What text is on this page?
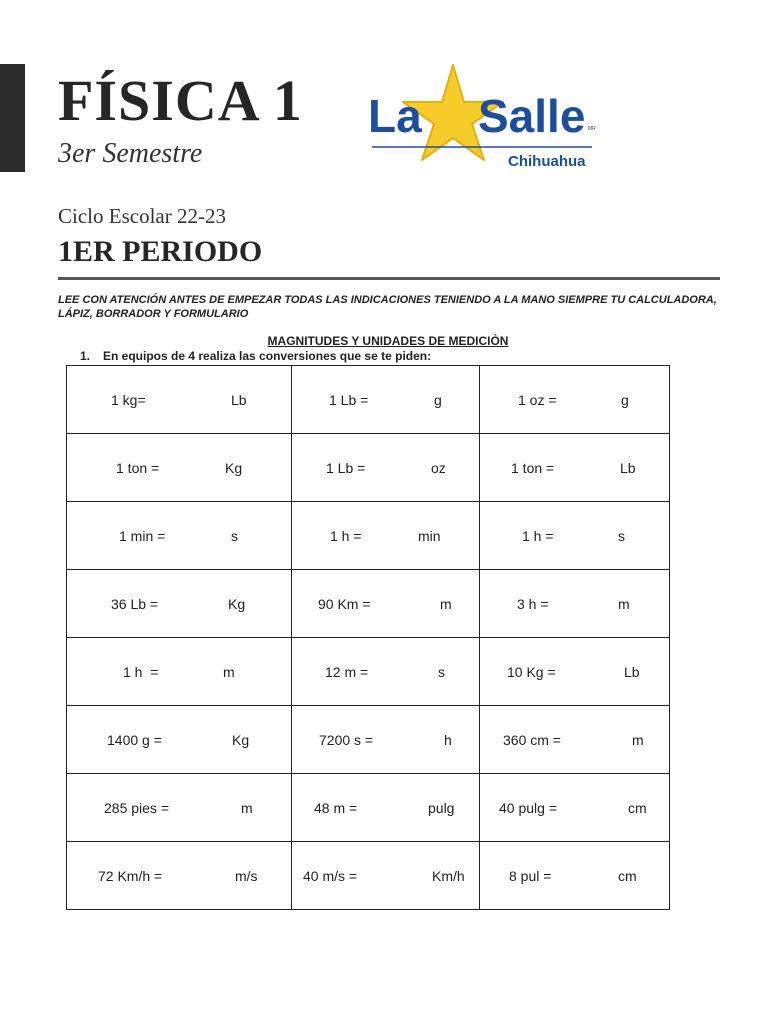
FÍSICA 1
3er Semestre
La Salle MR
Chihuahua
Ciclo Escolar 22-23
1ER PERIODO
LEE CON ATENCIÓN ANTES DE EMPEZAR TODAS LAS INDICACIONES TENIENDO A LA MANO SIEMPRE TU CALCULADORA, LÁPIZ, BORRADOR Y FORMULARIO
MAGNITUDES Y UNIDADES DE MEDICIÒN
1. En equipos de 4 realiza las conversiones que se te piden:
1 kg= Lb	1 Lb = g	1 oz = g

1 ton = Kg	1 Lb = oz	1 ton = Lb

1 min = s	1 h = min	1 h = s

36 Lb = Kg	90 Km = m	3 h = m

1 h  = m	12 m = s	10 Kg = Lb

1400 g = Kg	7200 s = h	360 cm = m

285 pies = m	48 m = pulg	40 pulg = cm

72 Km/h = m/s	40 m/s = Km/h	8 pul = cm
